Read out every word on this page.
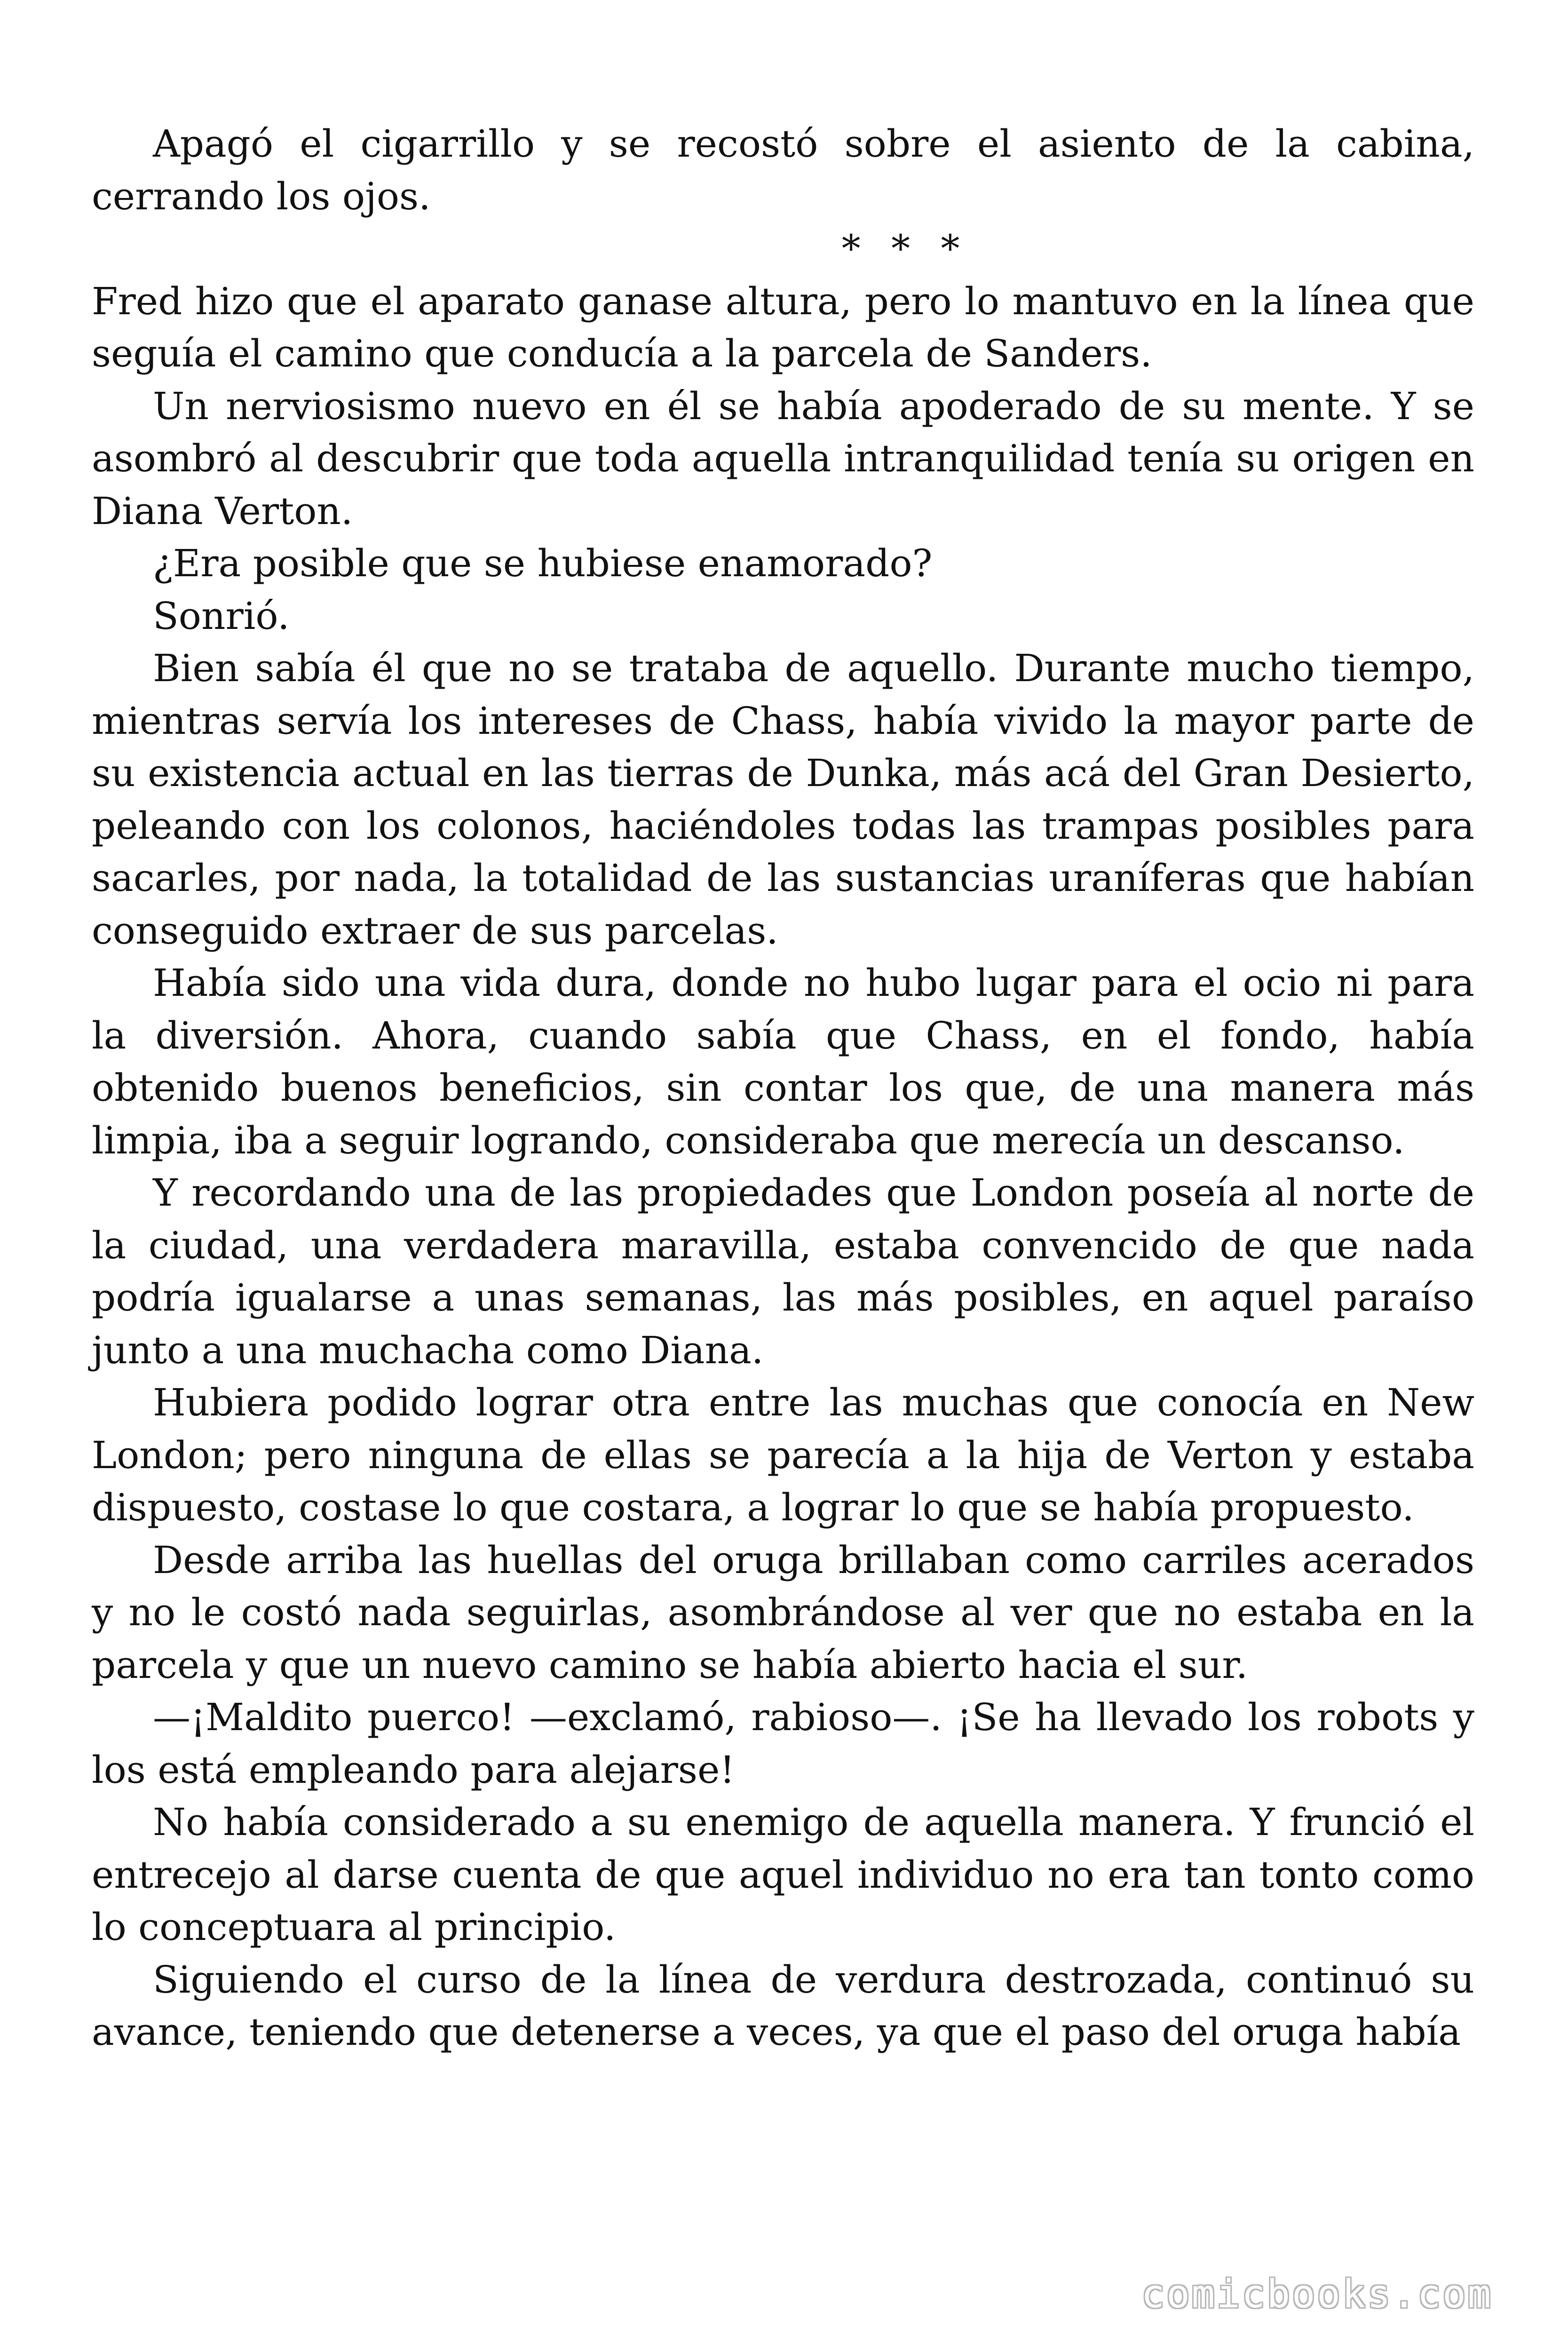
Apagó el cigarrillo y se recostó sobre el asiento de la cabina, cerrando los ojos.

* * *

Fred hizo que el aparato ganase altura, pero lo mantuvo en la línea que seguía el camino que conducía a la parcela de Sanders.

Un nerviosismo nuevo en él se había apoderado de su mente. Y se asombró al descubrir que toda aquella intranquilidad tenía su origen en Diana Verton.

¿Era posible que se hubiese enamorado?

Sonrió.

Bien sabía él que no se trataba de aquello. Durante mucho tiempo, mientras servía los intereses de Chass, había vivido la mayor parte de su existencia actual en las tierras de Dunka, más acá del Gran Desierto, peleando con los colonos, haciéndoles todas las trampas posibles para sacarles, por nada, la totalidad de las sustancias uraníferas que habían conseguido extraer de sus parcelas.

Había sido una vida dura, donde no hubo lugar para el ocio ni para la diversión. Ahora, cuando sabía que Chass, en el fondo, había obtenido buenos beneficios, sin contar los que, de una manera más limpia, iba a seguir logrando, consideraba que merecía un descanso.

Y recordando una de las propiedades que London poseía al norte de la ciudad, una verdadera maravilla, estaba convencido de que nada podría igualarse a unas semanas, las más posibles, en aquel paraíso junto a una muchacha como Diana.

Hubiera podido lograr otra entre las muchas que conocía en New London; pero ninguna de ellas se parecía a la hija de Verton y estaba dispuesto, costase lo que costara, a lograr lo que se había propuesto.

Desde arriba las huellas del oruga brillaban como carriles acerados y no le costó nada seguirlas, asombrándose al ver que no estaba en la parcela y que un nuevo camino se había abierto hacia el sur.

—¡Maldito puerco! —exclamó, rabioso—. ¡Se ha llevado los robots y los está empleando para alejarse!

No había considerado a su enemigo de aquella manera. Y frunció el entrecejo al darse cuenta de que aquel individuo no era tan tonto como lo conceptuara al principio.

Siguiendo el curso de la línea de verdura destrozada, continuó su avance, teniendo que detenerse a veces, ya que el paso del oruga había

comicbooks.com
